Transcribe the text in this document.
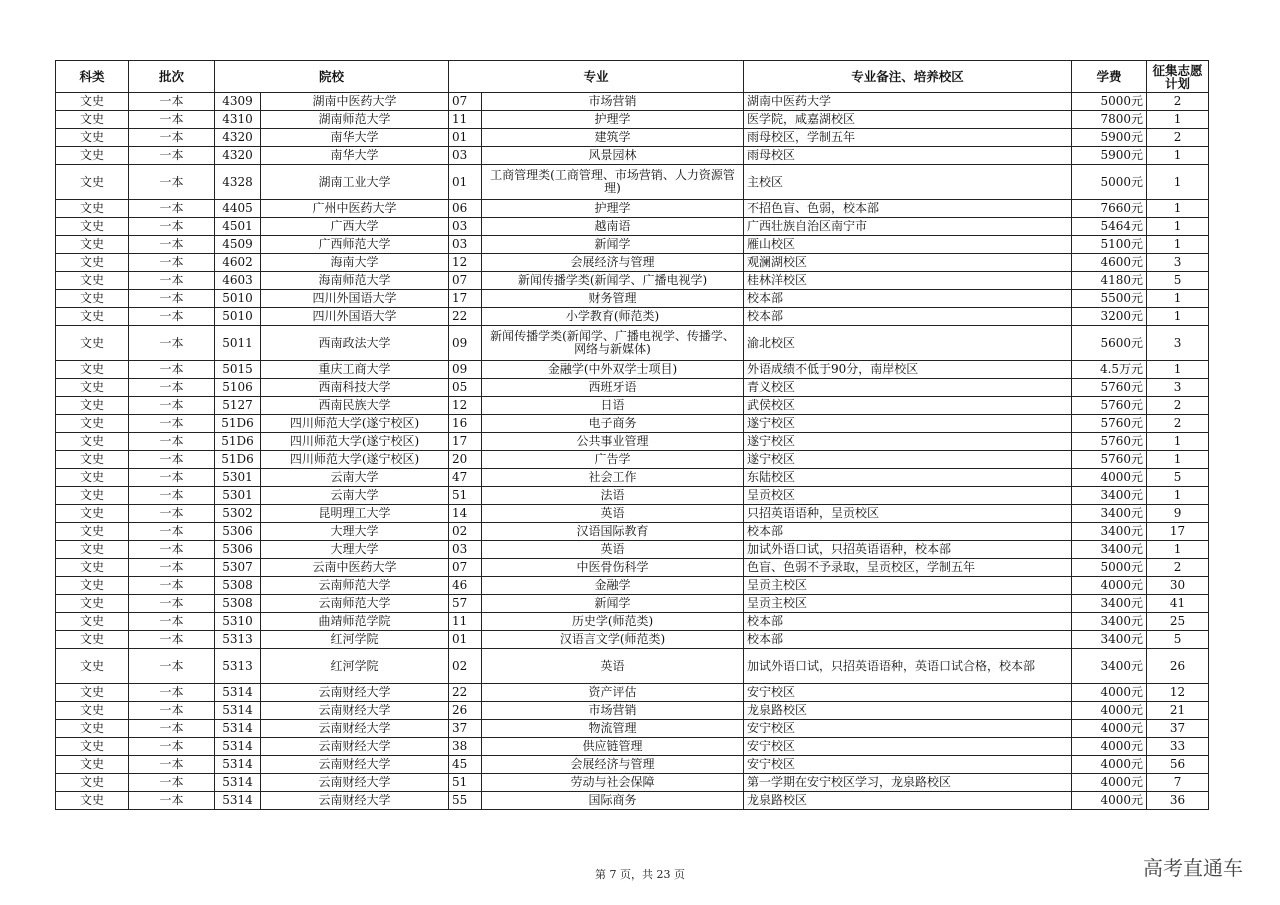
科类	批次	院校		专业		专业备注、培养校区	学费	征集志愿计划
文史	一本	4309	湖南中医药大学	07	市场营销	湖南中医药大学	5000元	2
文史	一本	4310	湖南师范大学	11	护理学	医学院，咸嘉湖校区	7800元	1
文史	一本	4320	南华大学	01	建筑学	雨母校区，学制五年	5900元	2
文史	一本	4320	南华大学	03	风景园林	雨母校区	5900元	1
文史	一本	4328	湖南工业大学	01	工商管理类(工商管理、市场营销、人力资源管理)	主校区	5000元	1
文史	一本	4405	广州中医药大学	06	护理学	不招色盲、色弱，校本部	7660元	1
文史	一本	4501	广西大学	03	越南语	广西壮族自治区南宁市	5464元	1
文史	一本	4509	广西师范大学	03	新闻学	雁山校区	5100元	1
文史	一本	4602	海南大学	12	会展经济与管理	观澜湖校区	4600元	3
文史	一本	4603	海南师范大学	07	新闻传播学类(新闻学、广播电视学)	桂林洋校区	4180元	5
文史	一本	5010	四川外国语大学	17	财务管理	校本部	5500元	1
文史	一本	5010	四川外国语大学	22	小学教育(师范类)	校本部	3200元	1
文史	一本	5011	西南政法大学	09	新闻传播学类(新闻学、广播电视学、传播学、网络与新媒体)	渝北校区	5600元	3
文史	一本	5015	重庆工商大学	09	金融学(中外双学士项目)	外语成绩不低于90分，南岸校区	4.5万元	1
文史	一本	5106	西南科技大学	05	西班牙语	青义校区	5760元	3
文史	一本	5127	西南民族大学	12	日语	武侯校区	5760元	2
文史	一本	51D6	四川师范大学(遂宁校区)	16	电子商务	遂宁校区	5760元	2
文史	一本	51D6	四川师范大学(遂宁校区)	17	公共事业管理	遂宁校区	5760元	1
文史	一本	51D6	四川师范大学(遂宁校区)	20	广告学	遂宁校区	5760元	1
文史	一本	5301	云南大学	47	社会工作	东陆校区	4000元	5
文史	一本	5301	云南大学	51	法语	呈贡校区	3400元	1
文史	一本	5302	昆明理工大学	14	英语	只招英语语种，呈贡校区	3400元	9
文史	一本	5306	大理大学	02	汉语国际教育	校本部	3400元	17
文史	一本	5306	大理大学	03	英语	加试外语口试，只招英语语种，校本部	3400元	1
文史	一本	5307	云南中医药大学	07	中医骨伤科学	色盲、色弱不予录取，呈贡校区，学制五年	5000元	2
文史	一本	5308	云南师范大学	46	金融学	呈贡主校区	4000元	30
文史	一本	5308	云南师范大学	57	新闻学	呈贡主校区	3400元	41
文史	一本	5310	曲靖师范学院	11	历史学(师范类)	校本部	3400元	25
文史	一本	5313	红河学院	01	汉语言文学(师范类)	校本部	3400元	5
文史	一本	5313	红河学院	02	英语	加试外语口试，只招英语语种，英语口试合格，校本部	3400元	26
文史	一本	5314	云南财经大学	22	资产评估	安宁校区	4000元	12
文史	一本	5314	云南财经大学	26	市场营销	龙泉路校区	4000元	21
文史	一本	5314	云南财经大学	37	物流管理	安宁校区	4000元	37
文史	一本	5314	云南财经大学	38	供应链管理	安宁校区	4000元	33
文史	一本	5314	云南财经大学	45	会展经济与管理	安宁校区	4000元	56
文史	一本	5314	云南财经大学	51	劳动与社会保障	第一学期在安宁校区学习，龙泉路校区	4000元	7
文史	一本	5314	云南财经大学	55	国际商务	龙泉路校区	4000元	36
第 7 页，共 23 页	高考直通车
